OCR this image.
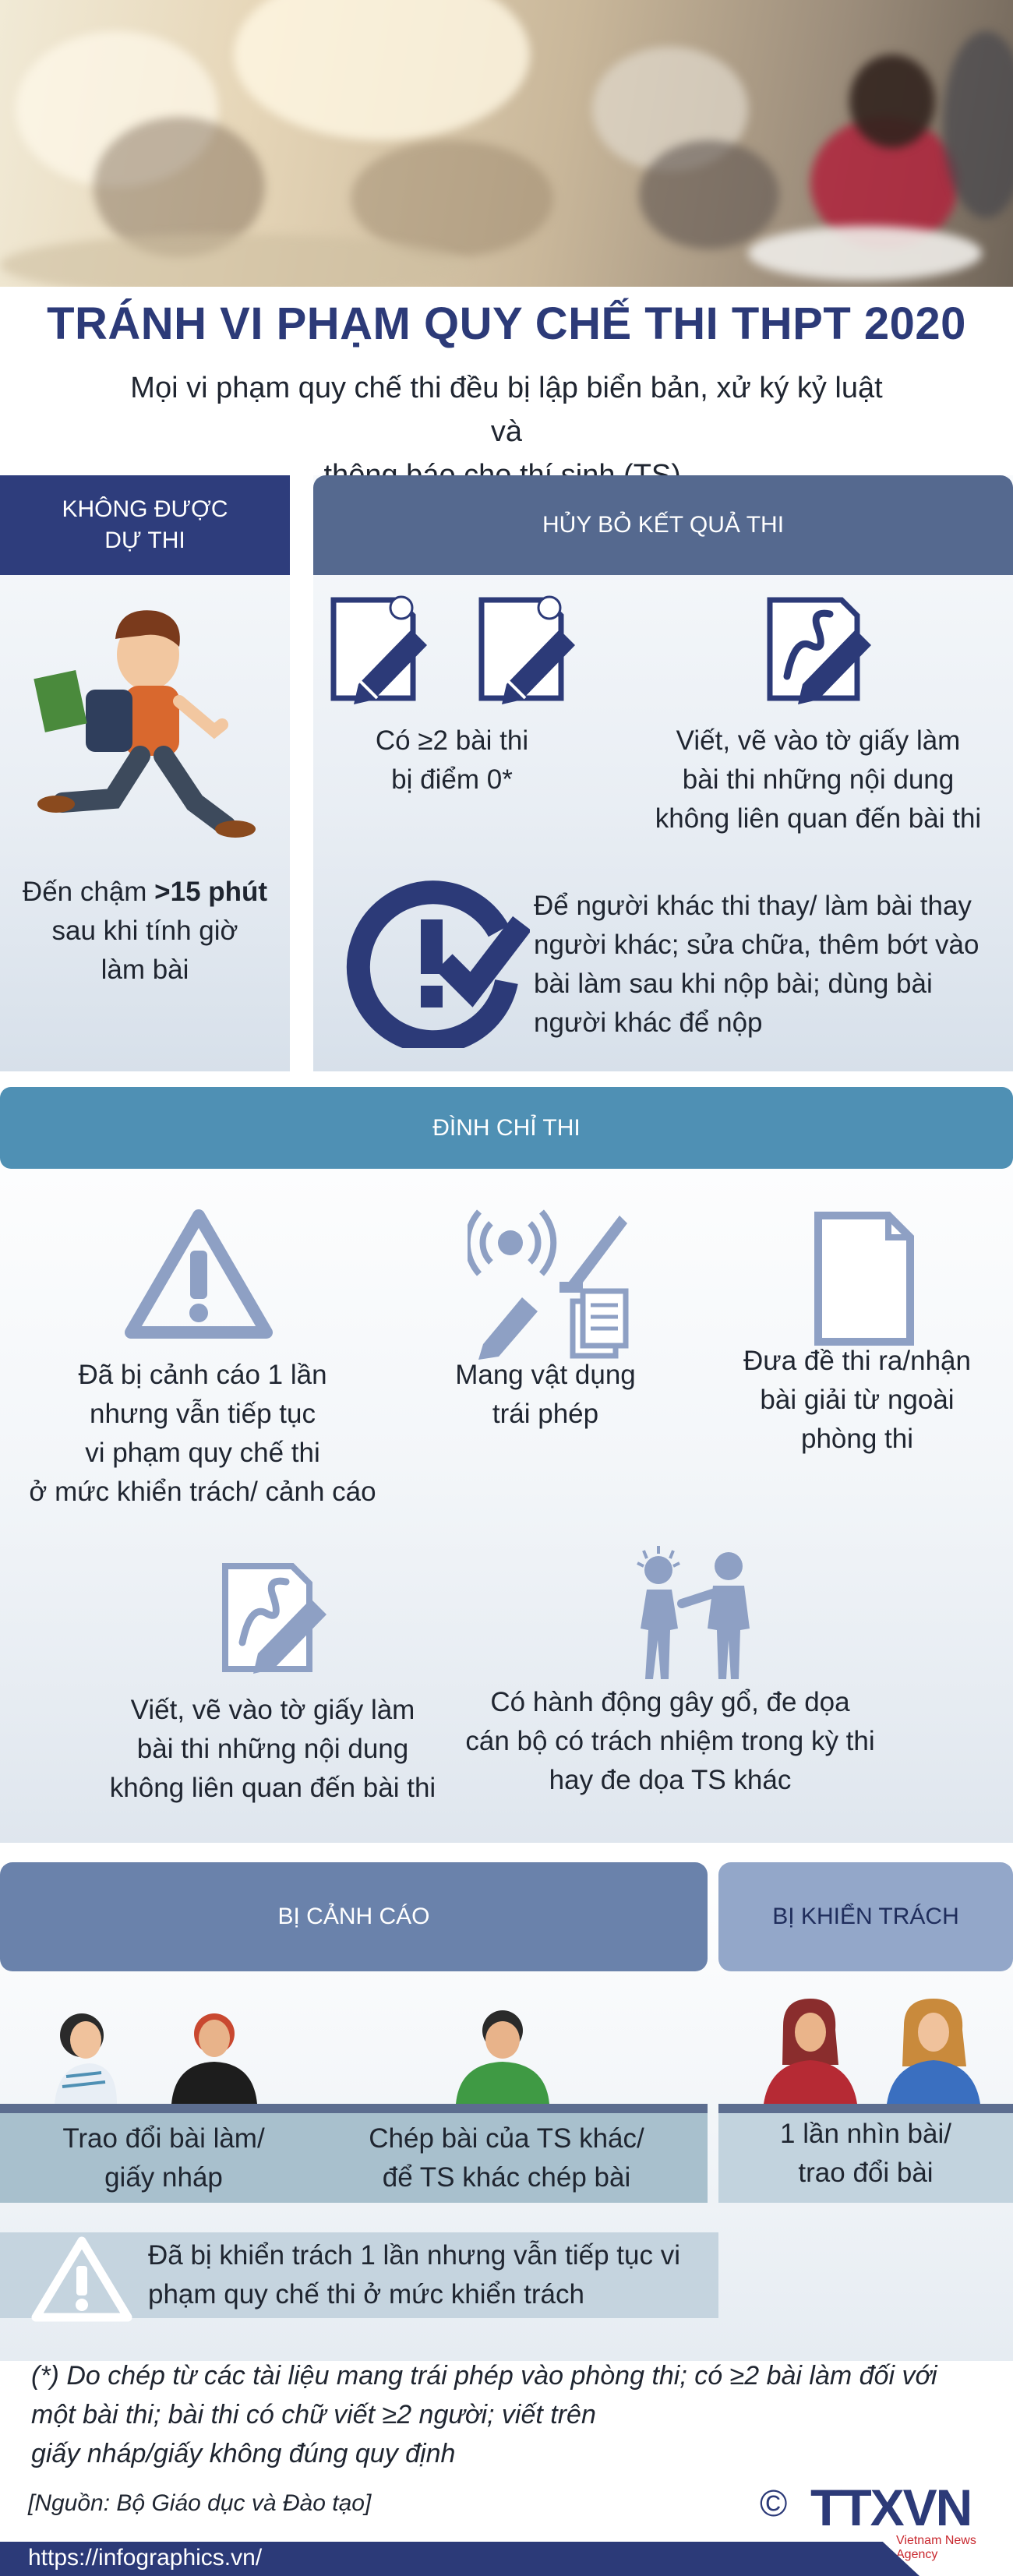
TRÁNH VI PHẠM QUY CHẾ THI THPT 2020
Mọi vi phạm quy chế thi đều bị lập biển bản, xử ký kỷ luật và
KHÔNG ĐƯỢC
DỰ THI
HỦY BỎ KẾT QUẢ THI
Đến chậm >15 phút
sau khi tính giờ
làm bài
Có ≥2 bài thi
bị điểm 0*
Viết, vẽ vào tờ giấy làm
bài thi những nội dung
không liên quan đến bài thi
Để người khác thi thay/ làm bài thay
người khác; sửa chữa, thêm bớt vào
bài làm sau khi nộp bài; dùng bài
người khác để nộp
ĐÌNH CHỈ THI
Đã bị cảnh cáo 1 lần
nhưng vẫn tiếp tục
vi phạm quy chế thi
ở mức khiển trách/ cảnh cáo
Mang vật dụng
trái phép
Đưa đề thi ra/nhận
bài giải từ ngoài
phòng thi
Viết, vẽ vào tờ giấy làm
bài thi những nội dung
không liên quan đến bài thi
Có hành động gây gổ, đe dọa
cán bộ có trách nhiệm trong kỳ thi
hay đe dọa TS khác
BỊ CẢNH CÁO	BỊ KHIỂN TRÁCH
Trao đổi bài làm/
giấy nháp
Chép bài của TS khác/
để TS khác chép bài
1 lần nhìn bài/
trao đổi bài
Đã bị khiển trách 1 lần nhưng vẫn tiếp tục vi
phạm quy chế thi ở mức khiển trách
(*) Do chép từ các tài liệu mang trái phép vào phòng thi; có ≥2 bài làm đối với
một bài thi; bài thi có chữ viết ≥2 người; viết trên
giấy nháp/giấy không đúng quy định
[Nguồn: Bộ Giáo dục và Đào tạo]	© TTXVN
Vietnam News Agency
https://infographics.vn/
